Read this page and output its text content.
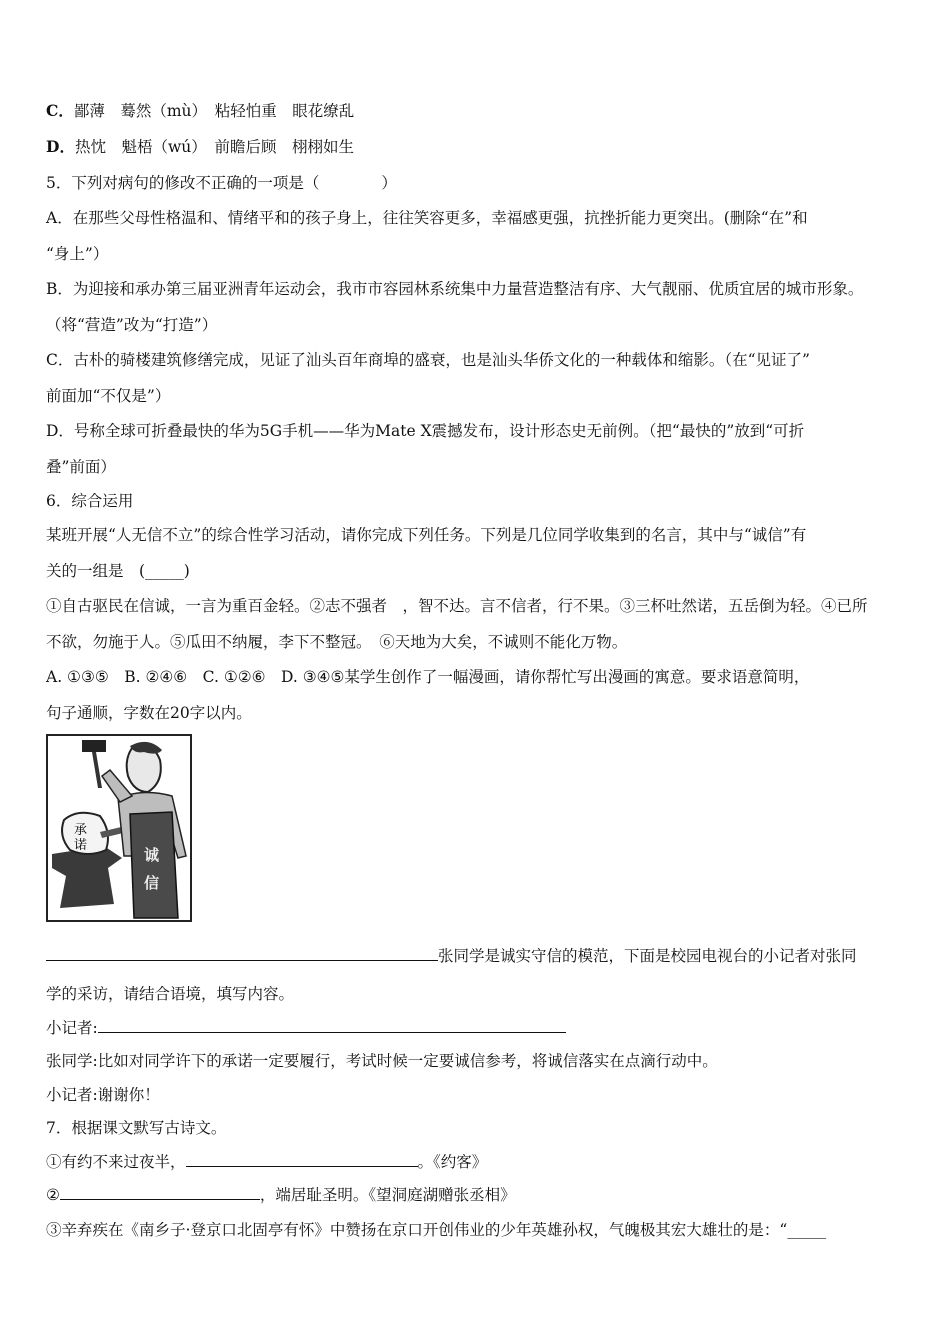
C．鄙薄　蓦然（mù）　粘轻怕重　眼花缭乱
D．热忱　魁梧（wú）　前瞻后顾　栩栩如生
5．下列对病句的修改不正确的一项是（　　　　）
A．在那些父母性格温和、情绪平和的孩子身上，往往笑容更多，幸福感更强，抗挫折能力更突出。(删除“在”和
“身上”）
B．为迎接和承办第三届亚洲青年运动会，我市市容园林系统集中力量营造整洁有序、大气靓丽、优质宜居的城市形象。
（将“营造”改为“打造”）
C．古朴的骑楼建筑修缮完成，见证了汕头百年商埠的盛衰，也是汕头华侨文化的一种载体和缩影。（在“见证了”
前面加“不仅是”）
D．号称全球可折叠最快的华为5G手机——华为Mate X震撼发布，设计形态史无前例。（把“最快的”放到“可折
叠”前面）
6．综合运用
某班开展“人无信不立”的综合性学习活动，请你完成下列任务。下列是几位同学收集到的名言，其中与“诚信”有
关的一组是　(_____)
①自古驱民在信诚，一言为重百金轻。②志不强者　，智不达。言不信者，行不果。③三杯吐然诺，五岳倒为轻。④已所
不欲，勿施于人。⑤瓜田不纳履，李下不整冠。　⑥天地为大矣，不诚则不能化万物。
A. ①③⑤　B. ②④⑥　C. ①②⑥　D. ③④⑤某学生创作了一幅漫画，请你帮忙写出漫画的寓意。要求语意简明，
句子通顺，字数在20字以内。
承
诺
诚
信
张同学是诚实守信的模范，下面是校园电视台的小记者对张同
学的采访，请结合语境，填写内容。
小记者:
张同学:比如对同学许下的承诺一定要履行，考试时候一定要诚信参考，将诚信落实在点滴行动中。
小记者:谢谢你！
7．根据课文默写古诗文。
①有约不来过夜半，	。《约客》
②	，端居耻圣明。《望洞庭湖赠张丞相》
③辛弃疾在《南乡子·登京口北固亭有怀》中赞扬在京口开创伟业的少年英雄孙权，气魄极其宏大雄壮的是：“_____
